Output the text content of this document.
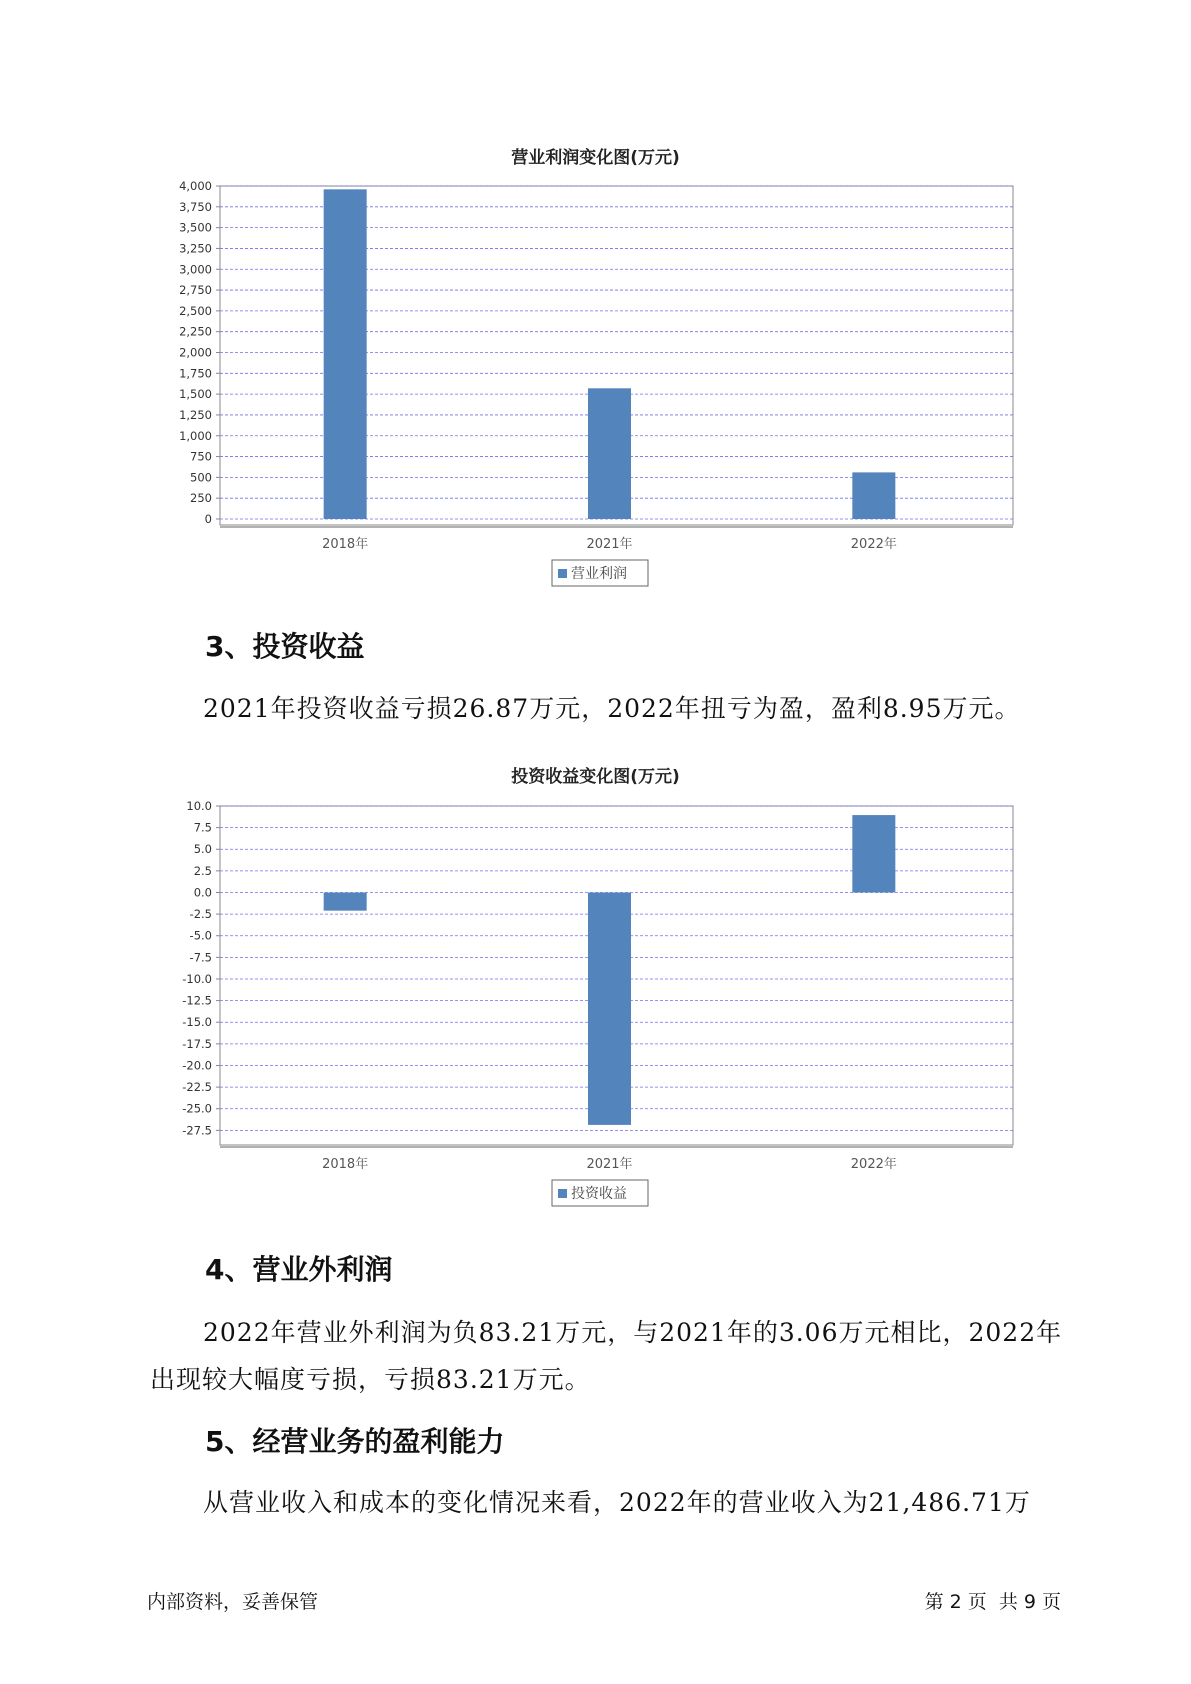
营业利润变化图(万元)
0
250
500
750
1,000
1,250
1,500
1,750
2,000
2,250
2,500
2,750
3,000
3,250
3,500
3,750
4,000
2018年	2021年	2022年
营业利润
3、投资收益
2021年投资收益亏损26.87万元，2022年扭亏为盈，盈利8.95万元。
投资收益变化图(万元)
10.0
7.5
5.0
2.5
0.0
-2.5
-5.0
-7.5
-10.0
-12.5
-15.0
-17.5
-20.0
-22.5
-25.0
-27.5
2018年	2021年	2022年
投资收益
4、营业外利润
2022年营业外利润为负83.21万元，与2021年的3.06万元相比，2022年
出现较大幅度亏损，亏损83.21万元。
5、经营业务的盈利能力
从营业收入和成本的变化情况来看，2022年的营业收入为21,486.71万
内部资料，妥善保管	第 2 页  共 9 页
